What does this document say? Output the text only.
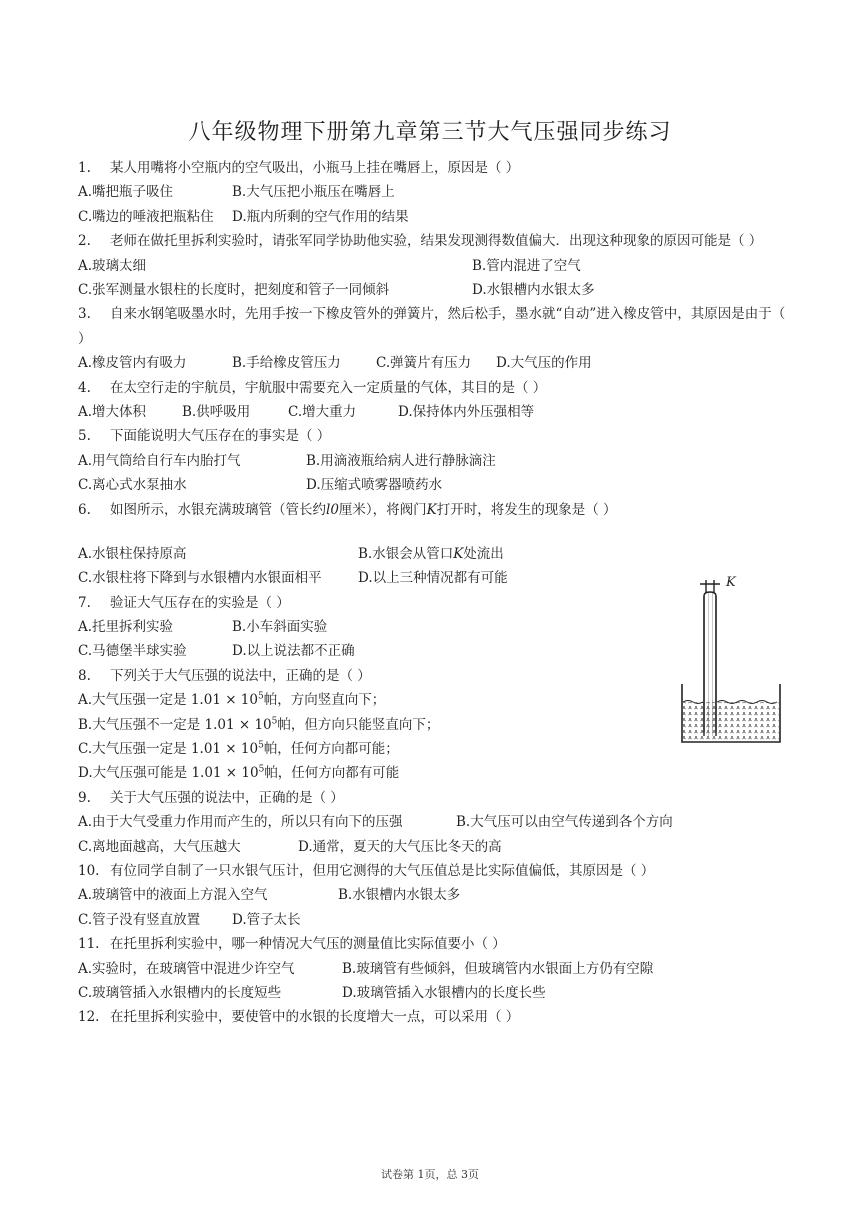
八年级物理下册第九章第三节大气压强同步练习
1. 某人用嘴将小空瓶内的空气吸出，小瓶马上挂在嘴唇上，原因是（ ）
A.嘴把瓶子吸住	B.大气压把小瓶压在嘴唇上
C.嘴边的唾液把瓶粘住 D.瓶内所剩的空气作用的结果
2. 老师在做托里拆利实验时，请张军同学协助他实验，结果发现测得数值偏大．出现这种现象的原因可能是（ ）
A.玻璃太细	B.管内混进了空气
C.张军测量水银柱的长度时，把刻度和管子一同倾斜	D.水银槽内水银太多
3. 自来水钢笔吸墨水时，先用手按一下橡皮管外的弹簧片，然后松手，墨水就“自动”进入橡皮管中，其原因是由于（ ）
A.橡皮管内有吸力	B.手给橡皮管压力	C.弹簧片有压力 D.大气压的作用
4. 在太空行走的宇航员，宇航服中需要充入一定质量的气体，其目的是（ ）
A.增大体积	B.供呼吸用	C.增大重力	D.保持体内外压强相等
5. 下面能说明大气压存在的事实是（ ）
A.用气筒给自行车内胎打气	B.用滴液瓶给病人进行静脉滴注
C.离心式水泵抽水	D.压缩式喷雾器喷药水
6. 如图所示，水银充满玻璃管（管长约l0厘米），将阀门K打开时，将发生的现象是（ ）
A.水银柱保持原高	B.水银会从管口K处流出
C.水银柱将下降到与水银槽内水银面相平	D.以上三种情况都有可能
7. 验证大气压存在的实验是（ ）
A.托里拆利实验	B.小车斜面实验
C.马德堡半球实验	D.以上说法都不正确
8. 下列关于大气压强的说法中，正确的是（ ）
A.大气压强一定是 $1.01 \times 10^5$帕，方向竖直向下；
B.大气压强不一定是 $1.01 \times 10^5$帕，但方向只能竖直向下；
C.大气压强一定是 $1.01 \times 10^5$帕，任何方向都可能；
D.大气压强可能是 $1.01 \times 10^5$帕，任何方向都有可能
9. 关于大气压强的说法中，正确的是（ ）
A.由于大气受重力作用而产生的，所以只有向下的压强	B.大气压可以由空气传递到各个方向
C.离地面越高，大气压越大	D.通常，夏天的大气压比冬天的高
10. 有位同学自制了一只水银气压计，但用它测得的大气压值总是比实际值偏低，其原因是（ ）
A.玻璃管中的液面上方混入空气	B.水银槽内水银太多
C.管子没有竖直放置 D.管子太长
11. 在托里拆利实验中，哪一种情况大气压的测量值比实际值要小（ ）
A.实验时，在玻璃管中混进少许空气	B.玻璃管有些倾斜，但玻璃管内水银面上方仍有空隙
C.玻璃管插入水银槽内的长度短些	D.玻璃管插入水银槽内的长度长些
12. 在托里拆利实验中，要使管中的水银的长度增大一点，可以采用（ ）
K
试卷第 1页，总 3页
